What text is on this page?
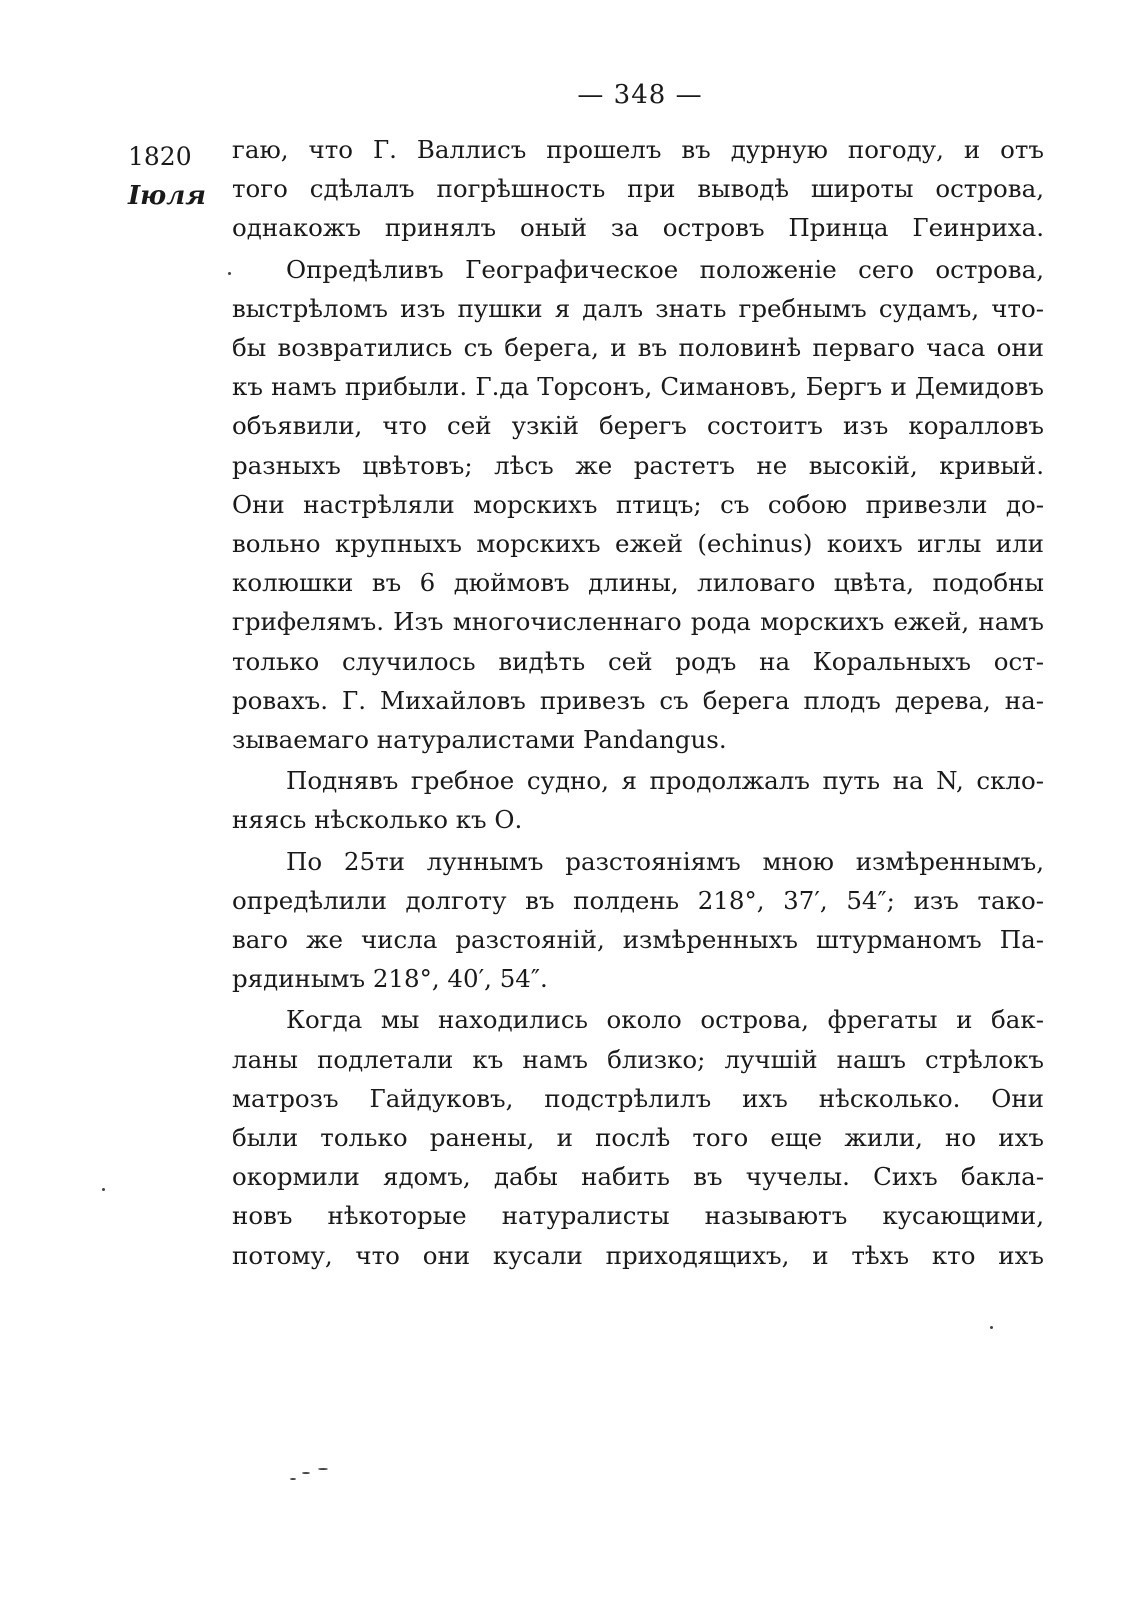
— 348 —
1820
Іюля
гаю, что Г. Валлисъ прошелъ въ дурную погоду, и отъ
того сдѣлалъ погрѣшность при выводѣ широты острова,
однакожъ принялъ оный за островъ Принца Геинриха.
Опредѣливъ Географическое положеніе сего острова,
выстрѣломъ изъ пушки я далъ знать гребнымъ судамъ, что-
бы возвратились съ берега, и въ половинѣ перваго часа они
къ намъ прибыли. Г.да Торсонъ, Симановъ, Бергъ и Демидовъ
объявили, что сей узкій берегъ состоитъ изъ коралловъ
разныхъ цвѣтовъ; лѣсъ же растетъ не высокій, кривый.
Они настрѣляли морскихъ птицъ; съ собою привезли до-
вольно крупныхъ морскихъ ежей (echinus) коихъ иглы или
колюшки въ 6 дюймовъ длины, лиловаго цвѣта, подобны
грифелямъ. Изъ многочисленнаго рода морскихъ ежей, намъ
только случилось видѣть сей родъ на Коральныхъ ост-
ровахъ. Г. Михайловъ привезъ съ берега плодъ дерева, на-
зываемаго натуралистами Pandangus.
Поднявъ гребное судно, я продолжалъ путь на N, скло-
няясь нѣсколько къ О.
По 25ти луннымъ разстояніямъ мною измѣреннымъ,
опредѣлили долготу въ полдень 218°, 37′, 54″; изъ тако-
ваго же числа разстояній, измѣренныхъ штурманомъ Па-
рядинымъ 218°, 40′, 54″.
Когда мы находились около острова, фрегаты и бак-
ланы подлетали къ намъ близко; лучшій нашъ стрѣлокъ
матрозъ Гайдуковъ, подстрѣлилъ ихъ нѣсколько. Они
были только ранены, и послѣ того еще жили, но ихъ
окормили ядомъ, дабы набить въ чучелы. Сихъ бакла-
новъ нѣкоторые натуралисты называютъ кусающими,
потому, что они кусали приходящихъ, и тѣхъ кто ихъ
